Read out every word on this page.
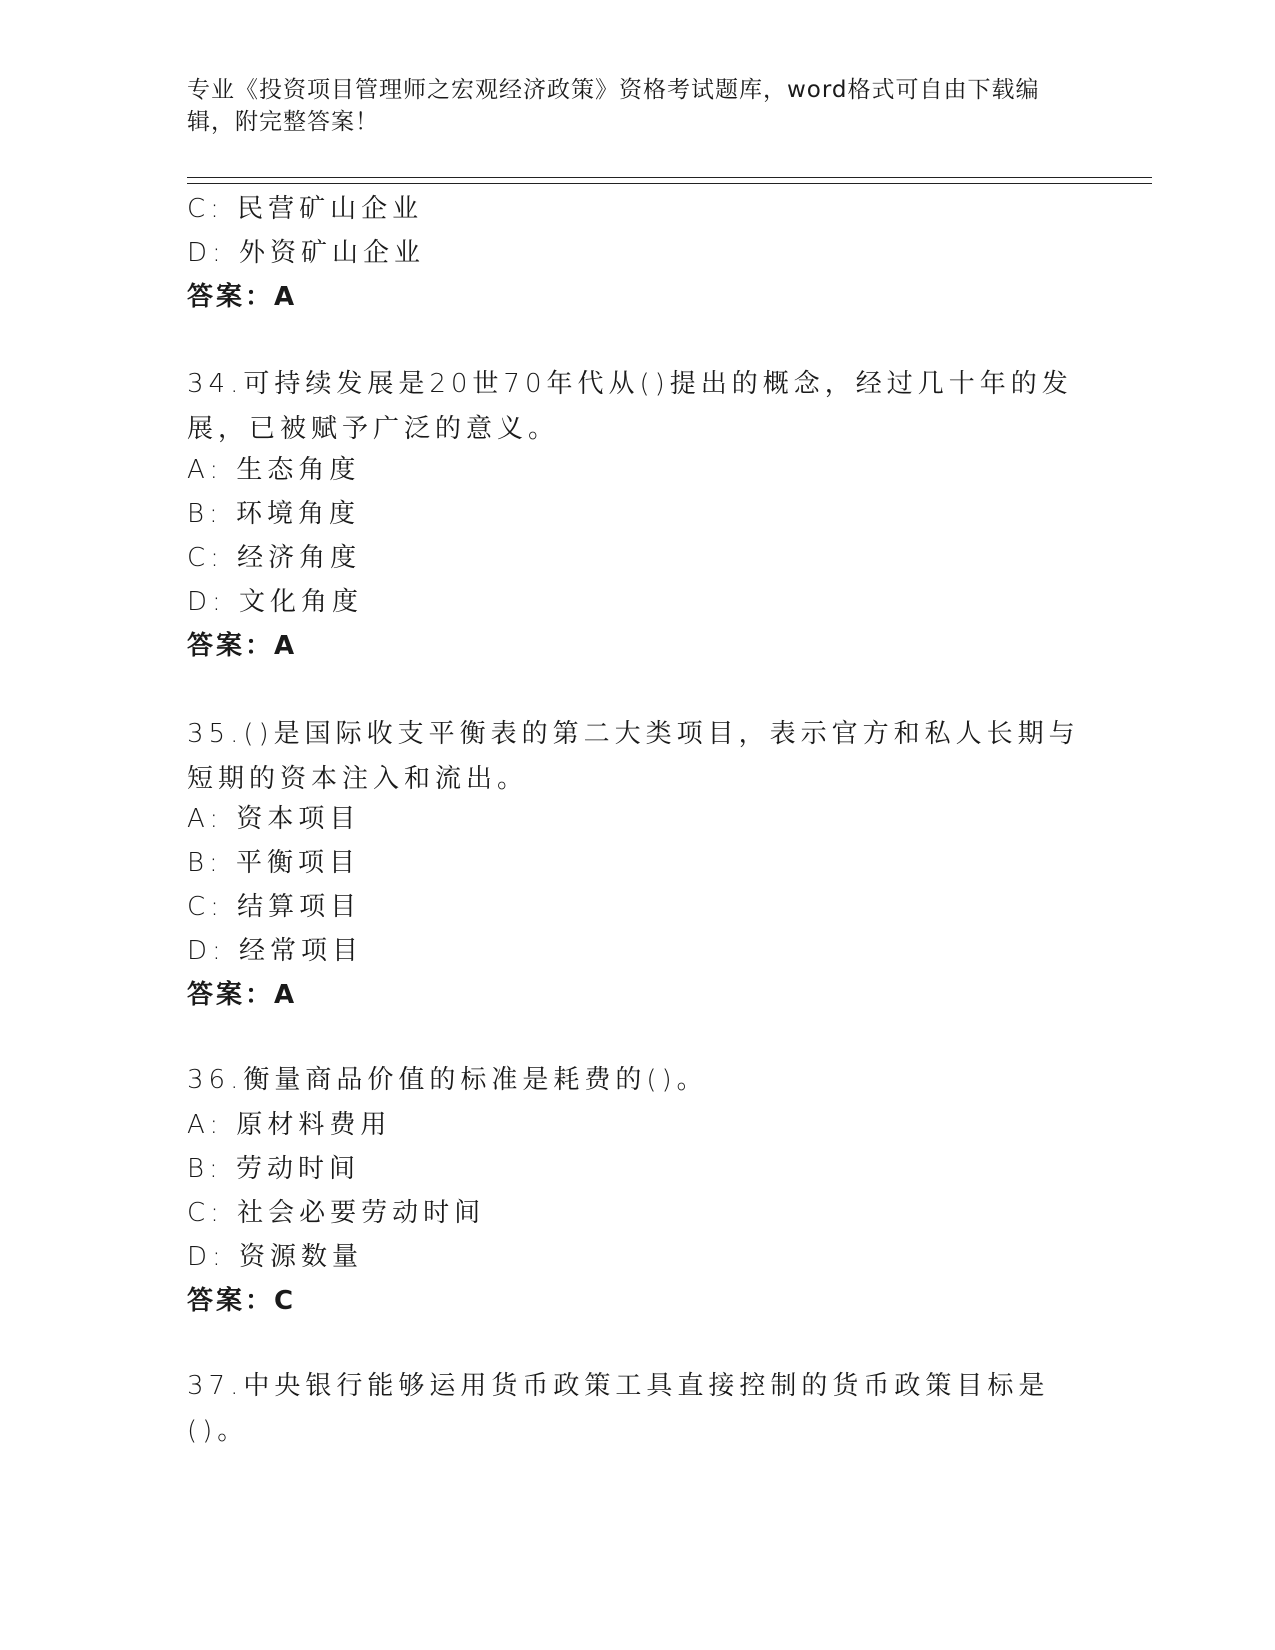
专业《投资项目管理师之宏观经济政策》资格考试题库，word格式可自由下载编辑，附完整答案！
C: 民营矿山企业
D: 外资矿山企业
答案：A
34.可持续发展是20世70年代从()提出的概念，经过几十年的发展，已被赋予广泛的意义。
A: 生态角度
B: 环境角度
C: 经济角度
D: 文化角度
答案：A
35.()是国际收支平衡表的第二大类项目，表示官方和私人长期与短期的资本注入和流出。
A: 资本项目
B: 平衡项目
C: 结算项目
D: 经常项目
答案：A
36.衡量商品价值的标准是耗费的()。
A: 原材料费用
B: 劳动时间
C: 社会必要劳动时间
D: 资源数量
答案：C
37.中央银行能够运用货币政策工具直接控制的货币政策目标是()。
